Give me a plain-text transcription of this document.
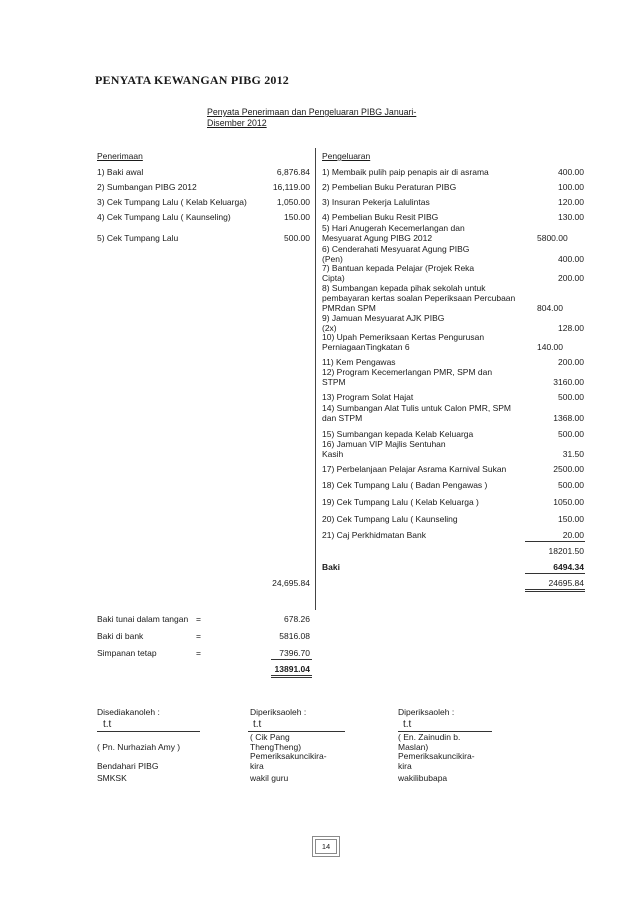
PENYATA KEWANGAN PIBG 2012
Penyata Penerimaan dan Pengeluaran PIBG Januari-
Disember 2012
Penerimaan	Pengeluaran
1) Baki awal	6,876.84
2) Sumbangan PIBG 2012	16,119.00
3) Cek Tumpang Lalu ( Kelab Keluarga)	1,050.00
4) Cek Tumpang Lalu ( Kaunseling)	150.00
5) Cek Tumpang Lalu	500.00
24,695.84
1) Membaik pulih paip penapis air di asrama	400.00
2) Pembelian Buku Peraturan PIBG	100.00
3) Insuran Pekerja Lalulintas	120.00
4) Pembelian Buku Resit PIBG	130.00
5) Hari Anugerah Kecemerlangan dan
Mesyuarat Agung PIBG 2012	5800.00
6) Cenderahati Mesyuarat Agung PIBG
(Pen)	400.00
7) Bantuan kepada Pelajar (Projek Reka
Cipta)	200.00
8) Sumbangan kepada pihak sekolah untuk
pembayaran kertas soalan Peperiksaan Percubaan
PMRdan SPM	804.00
9) Jamuan Mesyuarat AJK PIBG
(2x)	128.00
10) Upah Pemeriksaan Kertas Pengurusan
PerniagaanTingkatan 6	140.00
11) Kem Pengawas	200.00
12) Program Kecemerlangan PMR, SPM dan
STPM	3160.00
13) Program Solat Hajat	500.00
14) Sumbangan Alat Tulis untuk Calon PMR, SPM
dan STPM	1368.00
15) Sumbangan kepada Kelab Keluarga	500.00
16) Jamuan VIP Majlis Sentuhan
Kasih	31.50
17) Perbelanjaan Pelajar Asrama Karnival Sukan	2500.00
18) Cek Tumpang Lalu ( Badan Pengawas )	500.00
19) Cek Tumpang Lalu ( Kelab Keluarga )	1050.00
20) Cek Tumpang Lalu ( Kaunseling	150.00
21) Caj Perkhidmatan Bank	20.00
18201.50
Baki	6494.34
24695.84
Baki tunai dalam tangan =	678.26
Baki di bank	=	5816.08
Simpanan tetap	=	7396.70
13891.04
Disediakanoleh :
t.t
( Pn. Nurhaziah Amy )
Bendahari PIBG
SMKSK
Diperiksaoleh :
t.t
( Cik Pang
ThengTheng)
Pemeriksakuncikira-
kira
wakil guru
Diperiksaoleh :
t.t
( En. Zainudin b.
Maslan)
Pemeriksakuncikira-
kira
wakilibubapa
14
